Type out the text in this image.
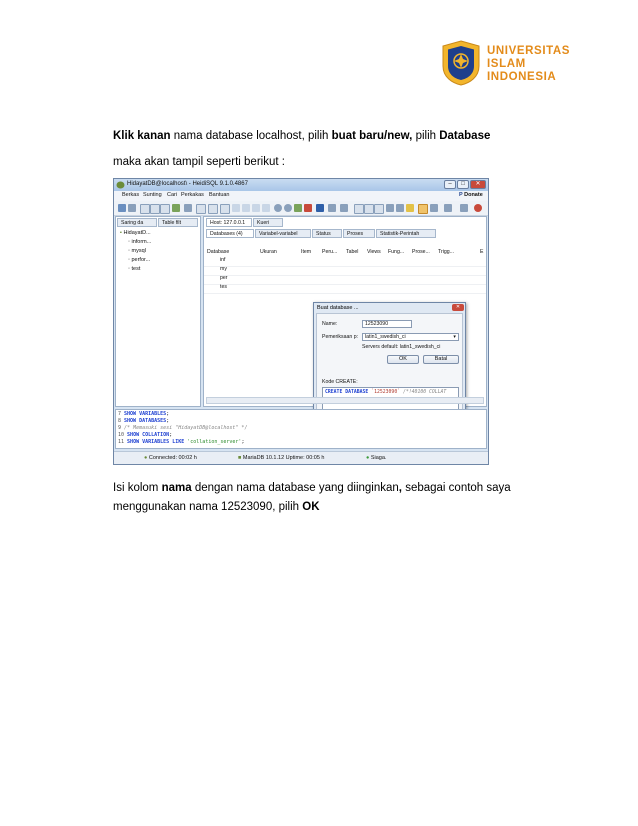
UNIVERSITAS
ISLAM
INDONESIA
Klik kanan nama database localhost, pilih buat baru/new, pilih Database
maka akan tampil seperti berikut :
HidayatDB@localhost\ - HeidiSQL 9.1.0.4867	–	□	✕
Berkas Sunting Cari Perkakas Bantuan	P Donate
Saring da	Table filt
▪ HidayatD...
▫ inform...
▫ mysql
▫ perfor...
▫ test
Host: 127.0.0.1	Kueri
Databases (4)	Variabel-variabel	Status	Proses	Statistik-Perintah
Database	Ukuran	Item Peru... Tabel Views Fung... Prose... Trigg...	E
inf
my
per
tes
Buat database ...	✕
Name:	12523090
Pemeriksaan p:	latin1_swedish_ci	▾
Servers default: latin1_swedish_ci
OK	Batal
Kode CREATE:
CREATE DATABASE `12523090` /*!40100 COLLAT
7 SHOW VARIABLES;
8 SHOW DATABASES;
9 /* Memasuki sesi "HidayatDB@localhost" */
10 SHOW COLLATION;
11 SHOW VARIABLES LIKE 'collation_server';
● Connected: 00:02 h	■ MariaDB 10.1.12 Uptime: 00:05 h	● Siaga.
Isi kolom nama dengan nama database yang diinginkan, sebagai contoh saya
menggunakan nama 12523090, pilih OK
